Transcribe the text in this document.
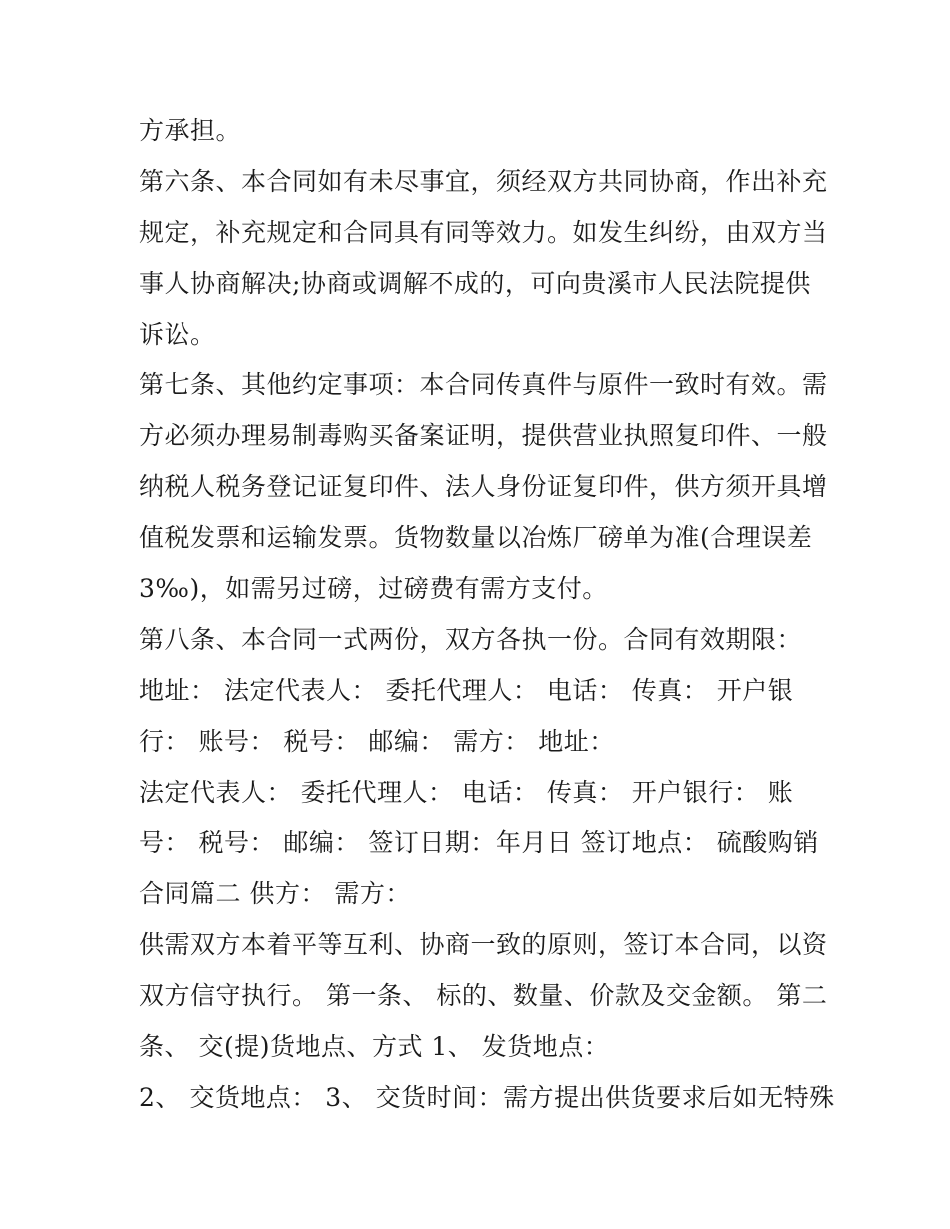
方承担。
第六条、本合同如有未尽事宜，须经双方共同协商，作出补充
规定，补充规定和合同具有同等效力。如发生纠纷，由双方当
事人协商解决;协商或调解不成的，可向贵溪市人民法院提供
诉讼。
第七条、其他约定事项：本合同传真件与原件一致时有效。需
方必须办理易制毒购买备案证明，提供营业执照复印件、一般
纳税人税务登记证复印件、法人身份证复印件，供方须开具增
值税发票和运输发票。货物数量以冶炼厂磅单为准(合理误差
3‰)，如需另过磅，过磅费有需方支付。
第八条、本合同一式两份，双方各执一份。合同有效期限：
地址： 法定代表人： 委托代理人： 电话： 传真： 开户银
行： 账号： 税号： 邮编： 需方： 地址：
法定代表人： 委托代理人： 电话： 传真： 开户银行： 账
号： 税号： 邮编： 签订日期：年月日 签订地点： 硫酸购销
合同篇二 供方： 需方：
供需双方本着平等互利、协商一致的原则，签订本合同，以资
双方信守执行。 第一条、 标的、数量、价款及交金额。 第二
条、 交(提)货地点、方式 1、 发货地点：
2、 交货地点： 3、 交货时间：需方提出供货要求后如无特殊
